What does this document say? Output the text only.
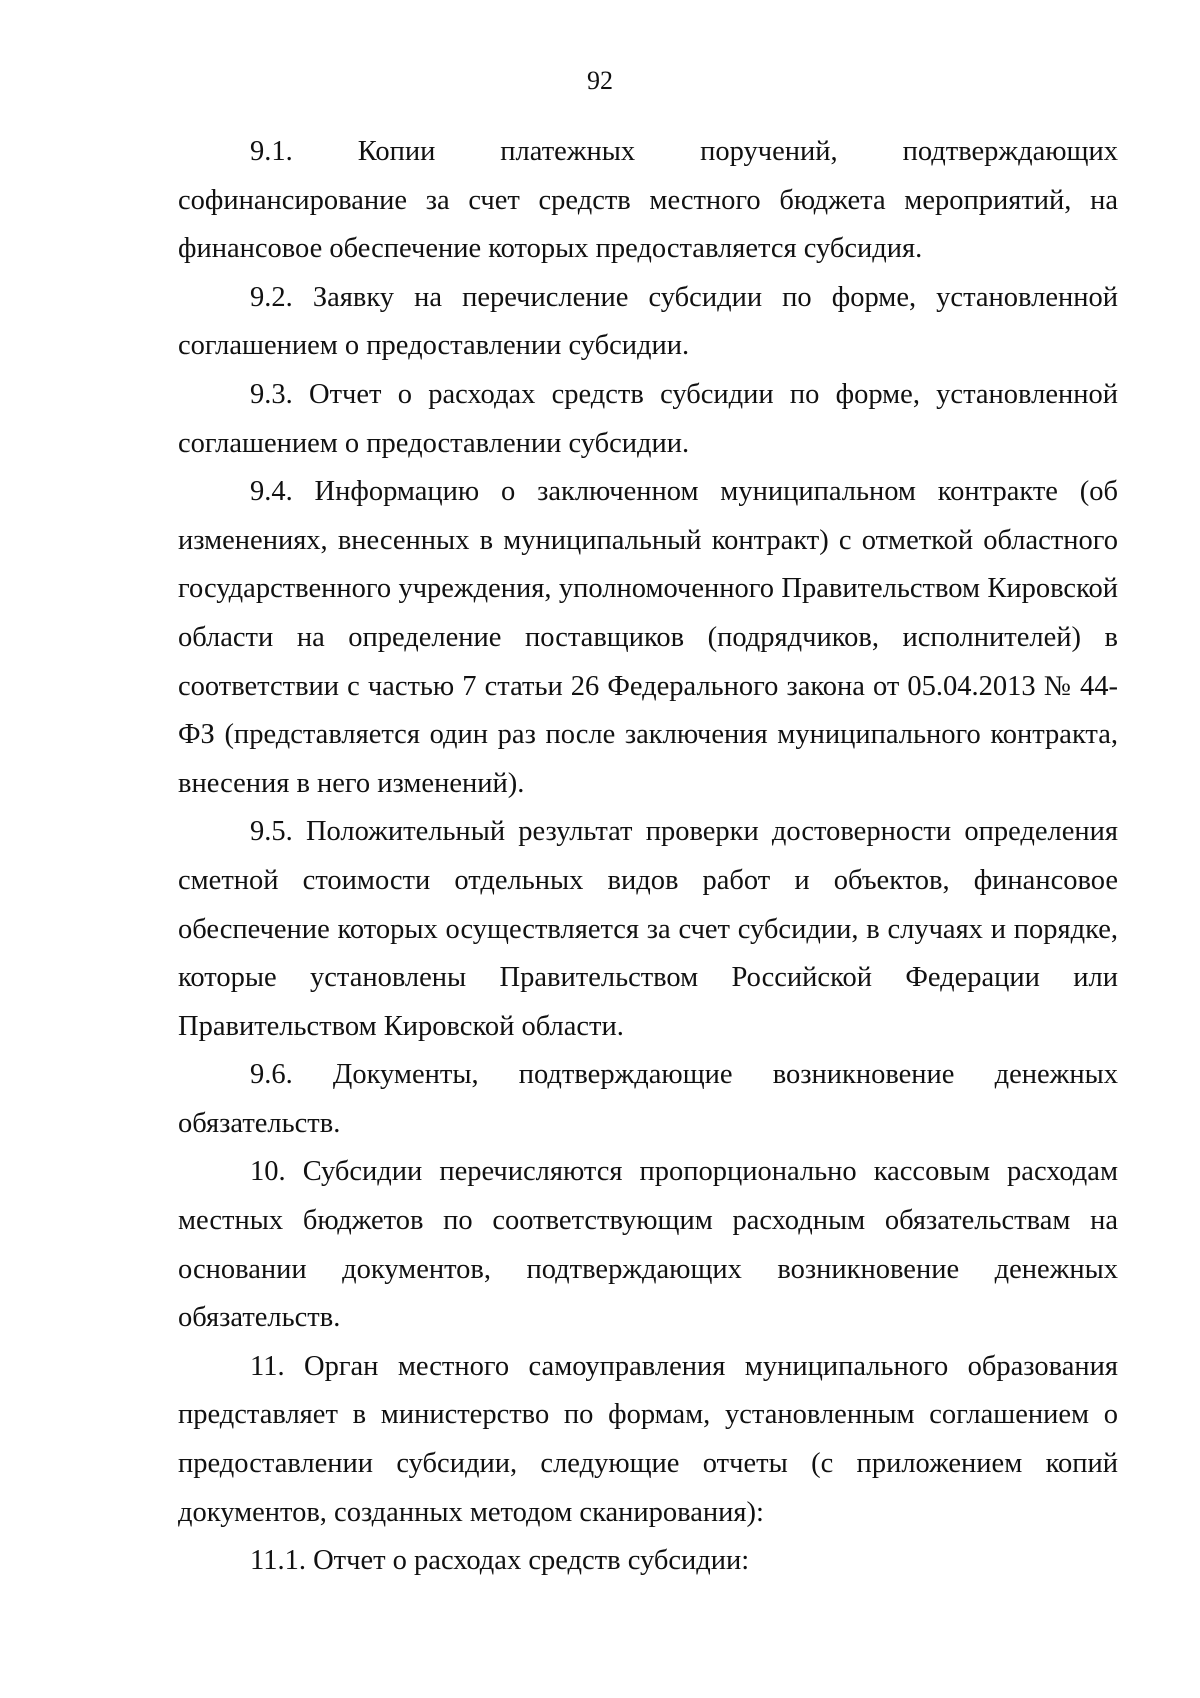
92

9.1. Копии платежных поручений, подтверждающих софинансирование за счет средств местного бюджета мероприятий, на финансовое обеспечение которых предоставляется субсидия.

9.2. Заявку на перечисление субсидии по форме, установленной соглашением о предоставлении субсидии.

9.3. Отчет о расходах средств субсидии по форме, установленной соглашением о предоставлении субсидии.

9.4. Информацию о заключенном муниципальном контракте (об изменениях, внесенных в муниципальный контракт) с отметкой областного государственного учреждения, уполномоченного Правительством Кировской области на определение поставщиков (подрядчиков, исполнителей) в соответствии с частью 7 статьи 26 Федерального закона от 05.04.2013 № 44-ФЗ (представляется один раз после заключения муниципального контракта, внесения в него изменений).

9.5. Положительный результат проверки достоверности определения сметной стоимости отдельных видов работ и объектов, финансовое обеспечение которых осуществляется за счет субсидии, в случаях и порядке, которые установлены Правительством Российской Федерации или Правительством Кировской области.

9.6. Документы, подтверждающие возникновение денежных обязательств.

10. Субсидии перечисляются пропорционально кассовым расходам местных бюджетов по соответствующим расходным обязательствам на основании документов, подтверждающих возникновение денежных обязательств.

11. Орган местного самоуправления муниципального образования представляет в министерство по формам, установленным соглашением о предоставлении субсидии, следующие отчеты (с приложением копий документов, созданных методом сканирования):

11.1. Отчет о расходах средств субсидии:
